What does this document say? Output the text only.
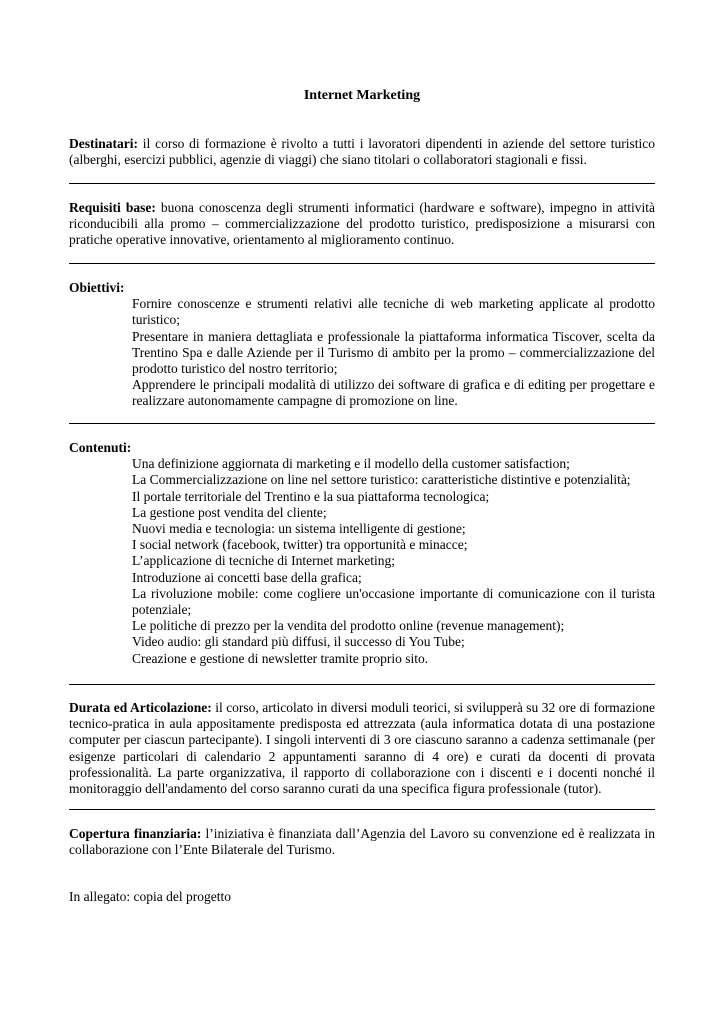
Internet Marketing
Destinatari: il corso di formazione è rivolto a tutti i lavoratori dipendenti in aziende del settore turistico (alberghi, esercizi pubblici, agenzie di viaggi) che siano titolari o collaboratori stagionali e fissi.
Requisiti base: buona conoscenza degli strumenti informatici (hardware e software), impegno in attività riconducibili alla promo – commercializzazione del prodotto turistico, predisposizione a misurarsi con pratiche operative innovative, orientamento al miglioramento continuo.
Obiettivi:
Fornire conoscenze e strumenti relativi alle tecniche di web marketing applicate al prodotto turistico;
Presentare in maniera dettagliata e professionale la piattaforma informatica Tiscover, scelta da Trentino Spa e dalle Aziende per il Turismo di ambito per la promo – commercializzazione del prodotto turistico del nostro territorio;
Apprendere le principali modalità di utilizzo dei software di grafica e di editing per progettare e realizzare autonomamente campagne di promozione on line.
Contenuti:
Una definizione aggiornata di marketing e il modello della customer satisfaction;
La Commercializzazione on line nel settore turistico: caratteristiche distintive e potenzialità;
Il portale territoriale del Trentino e la sua piattaforma tecnologica;
La gestione post vendita del cliente;
Nuovi media e tecnologia: un sistema intelligente di gestione;
I social network (facebook, twitter) tra opportunità e minacce;
L’applicazione di tecniche di Internet marketing;
Introduzione ai concetti base della grafica;
La rivoluzione mobile: come cogliere un'occasione importante di comunicazione con il turista potenziale;
Le politiche di prezzo per la vendita del prodotto online (revenue management);
Video audio: gli standard più diffusi, il successo di You Tube;
Creazione e gestione di newsletter tramite proprio sito.
Durata ed Articolazione: il corso, articolato in diversi moduli teorici, si svilupperà su 32 ore di formazione tecnico-pratica in aula appositamente predisposta ed attrezzata (aula informatica dotata di una postazione computer per ciascun partecipante). I singoli interventi di 3 ore ciascuno saranno a cadenza settimanale (per esigenze particolari di calendario 2 appuntamenti saranno di 4 ore) e curati da docenti di provata professionalità. La parte organizzativa, il rapporto di collaborazione con i discenti e i docenti nonché il monitoraggio dell'andamento del corso saranno curati da una specifica figura professionale (tutor).
Copertura finanziaria: l’iniziativa è finanziata dall’Agenzia del Lavoro su convenzione ed è realizzata in collaborazione con l’Ente Bilaterale del Turismo.
In allegato: copia del progetto
